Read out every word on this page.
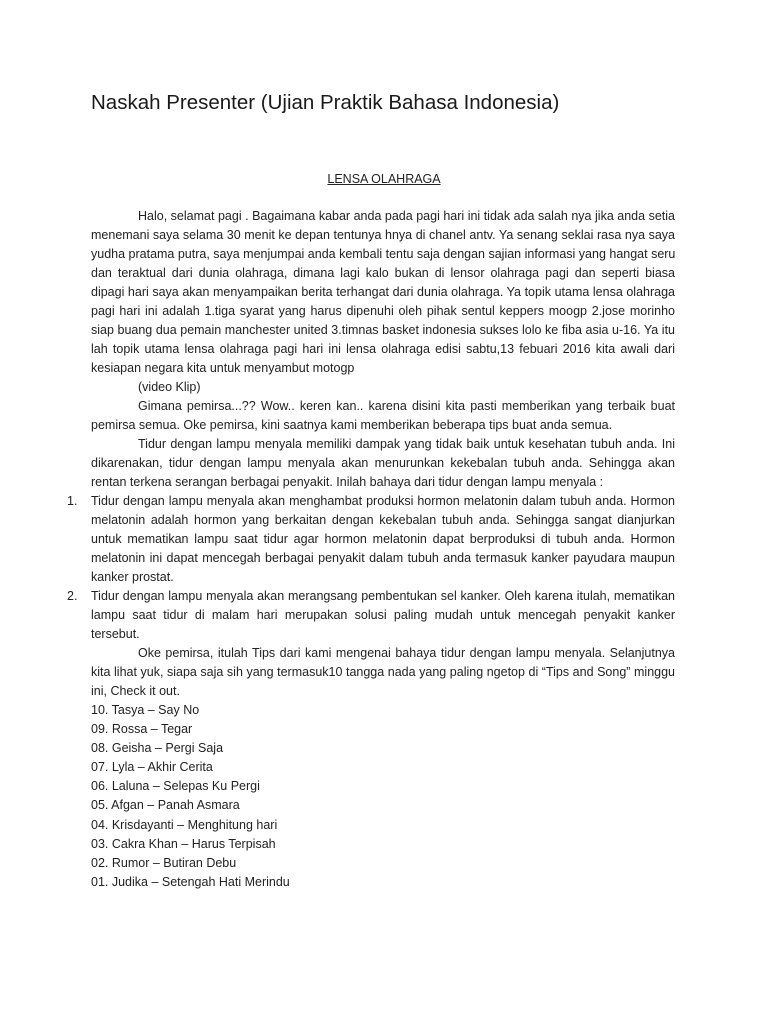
Naskah Presenter (Ujian Praktik Bahasa Indonesia)
LENSA OLAHRAGA
Halo, selamat pagi . Bagaimana kabar anda pada pagi hari ini tidak ada salah nya jika anda setia
menemani saya selama 30 menit ke depan tentunya hnya di chanel antv. Ya senang seklai rasa nya saya
yudha pratama putra, saya menjumpai anda kembali tentu saja dengan sajian informasi yang hangat seru
dan teraktual dari dunia olahraga, dimana lagi kalo bukan di lensor olahraga pagi dan seperti biasa
dipagi hari saya akan menyampaikan berita terhangat dari dunia olahraga. Ya topik utama lensa olahraga
pagi hari ini adalah 1.tiga syarat yang harus dipenuhi oleh pihak sentul keppers moogp 2.jose morinho
siap buang dua pemain manchester united 3.timnas basket indonesia sukses lolo ke fiba asia u-16. Ya itu
lah topik utama lensa olahraga pagi hari ini lensa olahraga edisi sabtu,13 febuari 2016 kita awali dari
kesiapan negara kita untuk menyambut motogp
(video Klip)
Gimana pemirsa...?? Wow.. keren kan.. karena disini kita pasti memberikan yang terbaik buat
pemirsa semua. Oke pemirsa, kini saatnya kami memberikan beberapa tips buat anda semua.
Tidur dengan lampu menyala memiliki dampak yang tidak baik untuk kesehatan tubuh anda. Ini
dikarenakan, tidur dengan lampu menyala akan menurunkan kekebalan tubuh anda. Sehingga akan
rentan terkena serangan berbagai penyakit. Inilah bahaya dari tidur dengan lampu menyala :
1. Tidur dengan lampu menyala akan menghambat produksi hormon melatonin dalam tubuh anda. Hormon
melatonin adalah hormon yang berkaitan dengan kekebalan tubuh anda. Sehingga sangat dianjurkan
untuk mematikan lampu saat tidur agar hormon melatonin dapat berproduksi di tubuh anda. Hormon
melatonin ini dapat mencegah berbagai penyakit dalam tubuh anda termasuk kanker payudara maupun
kanker prostat.
2. Tidur dengan lampu menyala akan merangsang pembentukan sel kanker. Oleh karena itulah, mematikan
lampu saat tidur di malam hari merupakan solusi paling mudah untuk mencegah penyakit kanker
tersebut.
Oke pemirsa, itulah Tips dari kami mengenai bahaya tidur dengan lampu menyala. Selanjutnya
kita lihat yuk, siapa saja sih yang termasuk10 tangga nada yang paling ngetop di “Tips and Song” minggu
ini, Check it out.
10. Tasya – Say No
09. Rossa – Tegar
08. Geisha – Pergi Saja
07. Lyla – Akhir Cerita
06. Laluna – Selepas Ku Pergi
05. Afgan – Panah Asmara
04. Krisdayanti – Menghitung hari
03. Cakra Khan – Harus Terpisah
02. Rumor – Butiran Debu
01. Judika – Setengah Hati Merindu
